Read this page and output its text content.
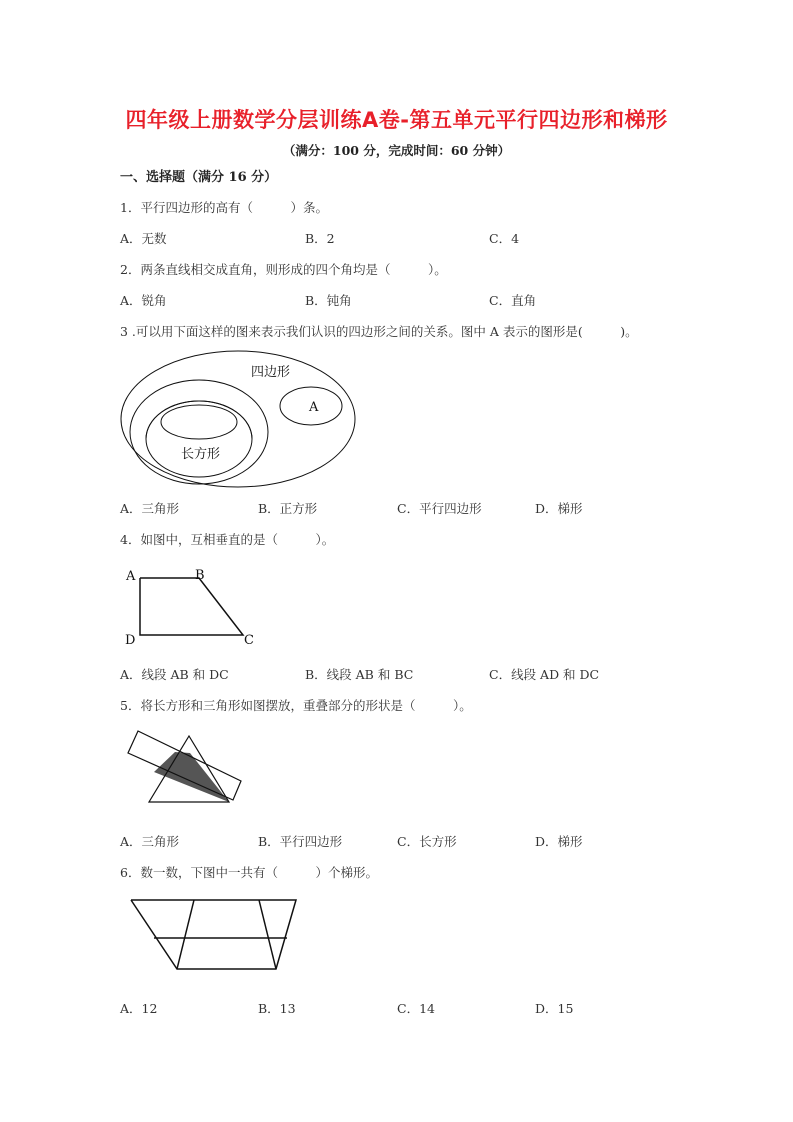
四年级上册数学分层训练A卷-第五单元平行四边形和梯形
（满分：100 分，完成时间：60 分钟）
一、选择题（满分 16 分）
1．平行四边形的高有（　　　）条。
A．无数	B．2	C．4
2．两条直线相交成直角，则形成的四个角均是（　　　）。
A．锐角	B．钝角	C．直角
3 .可以用下面这样的图来表示我们认识的四边形之间的关系。图中 A 表示的图形是(　　　)。
四边形
A
长方形
A．三角形	B．正方形	C．平行四边形	D．梯形
4．如图中，互相垂直的是（　　　）。
A	B
C
D
A．线段 AB 和 DC	B．线段 AB 和 BC	C．线段 AD 和 DC
5．将长方形和三角形如图摆放，重叠部分的形状是（　　　）。
A．三角形	B．平行四边形	C．长方形	D．梯形
6．数一数，下图中一共有（　　　）个梯形。
A．12	B．13	C．14	D．15
